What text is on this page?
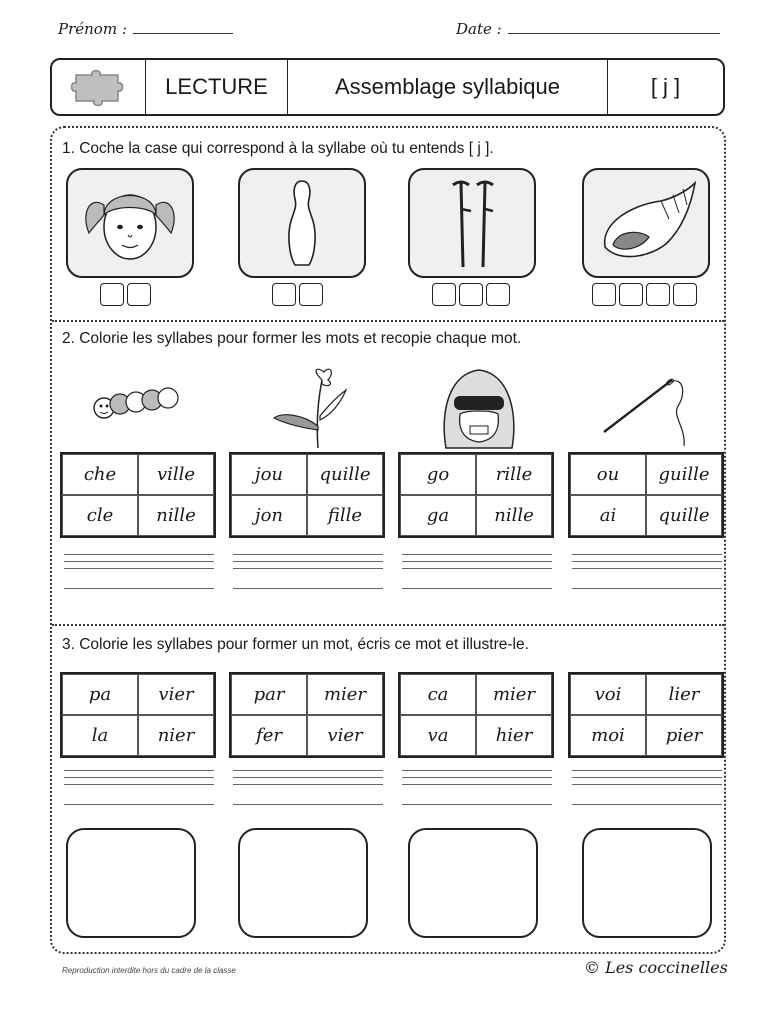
Prénom :	Date :
LECTURE	Assemblage syllabique	[ j ]
1. Coche la case qui correspond à la syllabe où tu entends [ j ].
2. Colorie les syllabes pour former les mots et recopie chaque mot.
che	ville
cle	nille
jou	quille
jon	fille
go	rille
ga	nille
ou	guille
ai	quille
3. Colorie les syllabes pour former un mot, écris ce mot et illustre-le.
pa	vier
la	nier
par	mier
fer	vier
ca	mier
va	hier
voi	lier
moi	pier
Reproduction interdite hors du cadre de la classe	© Les coccinelles
